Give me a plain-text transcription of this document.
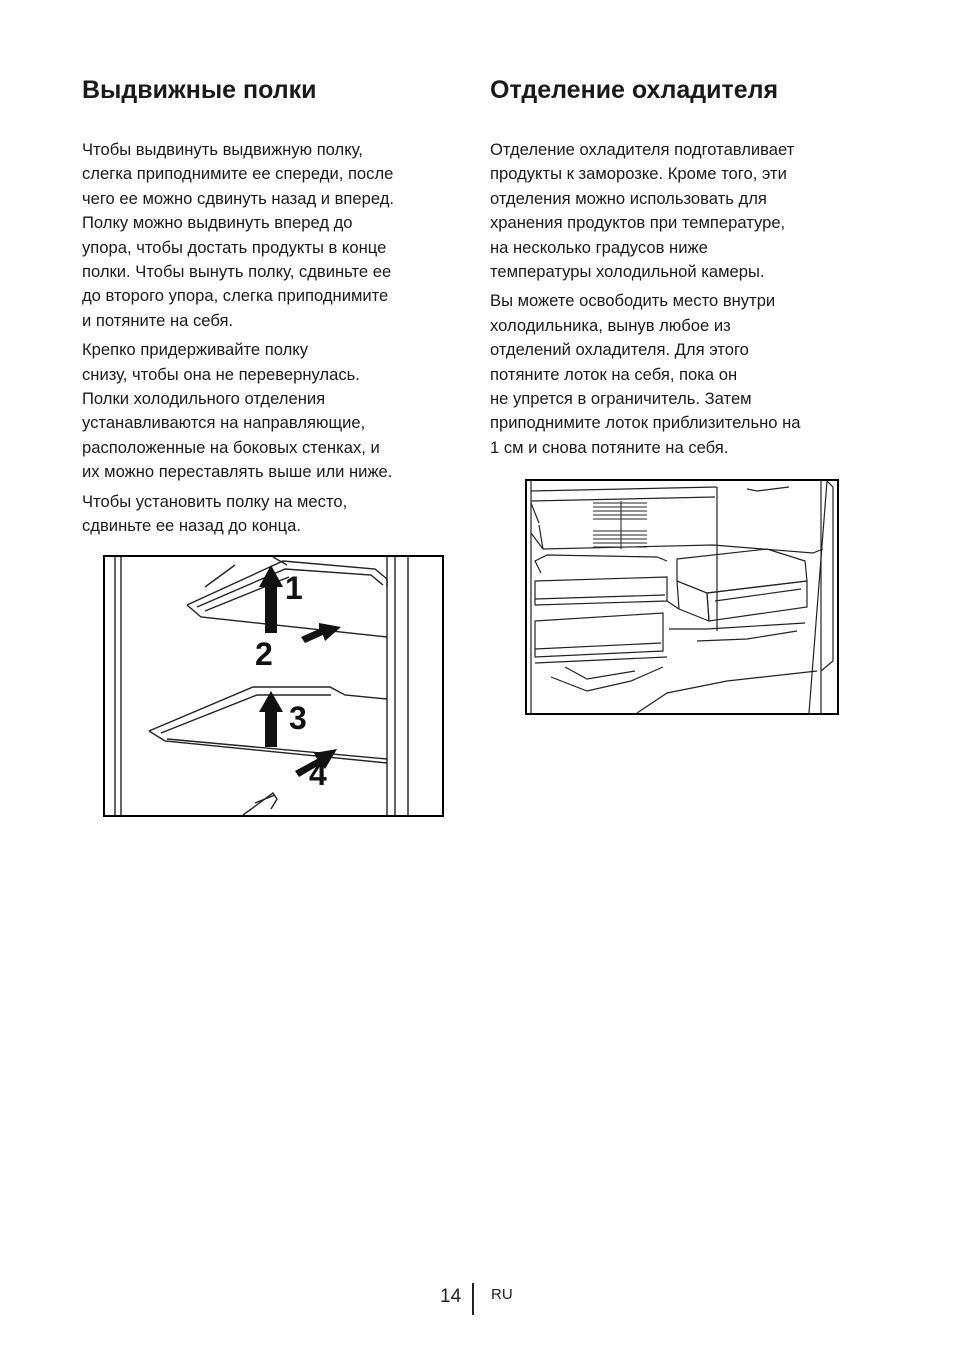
Выдвижные полки

Чтобы выдвинуть выдвижную полку,
слегка приподнимите ее спереди, после
чего ее можно сдвинуть назад и вперед.
Полку можно выдвинуть вперед до
упора, чтобы достать продукты в конце
полки. Чтобы вынуть полку, сдвиньте ее
до второго упора, слегка приподнимите
и потяните на себя.

Крепко придерживайте полку
снизу, чтобы она не перевернулась.
Полки холодильного отделения
устанавливаются на направляющие,
расположенные на боковых стенках, и
их можно переставлять выше или ниже.

Чтобы установить полку на место,
сдвиньте ее назад до конца.

Отделение охладителя

Отделение охладителя подготавливает
продукты к заморозке. Кроме того, эти
отделения можно использовать для
хранения продуктов при температуре,
на несколько градусов ниже
температуры холодильной камеры.

Вы можете освободить место внутри
холодильника, вынув любое из
отделений охладителя. Для этого
потяните лоток на себя, пока он
не упрется в ограничитель. Затем
приподнимите лоток приблизительно на
1 см и снова потяните на себя.

1
2
3
4
14 RU
